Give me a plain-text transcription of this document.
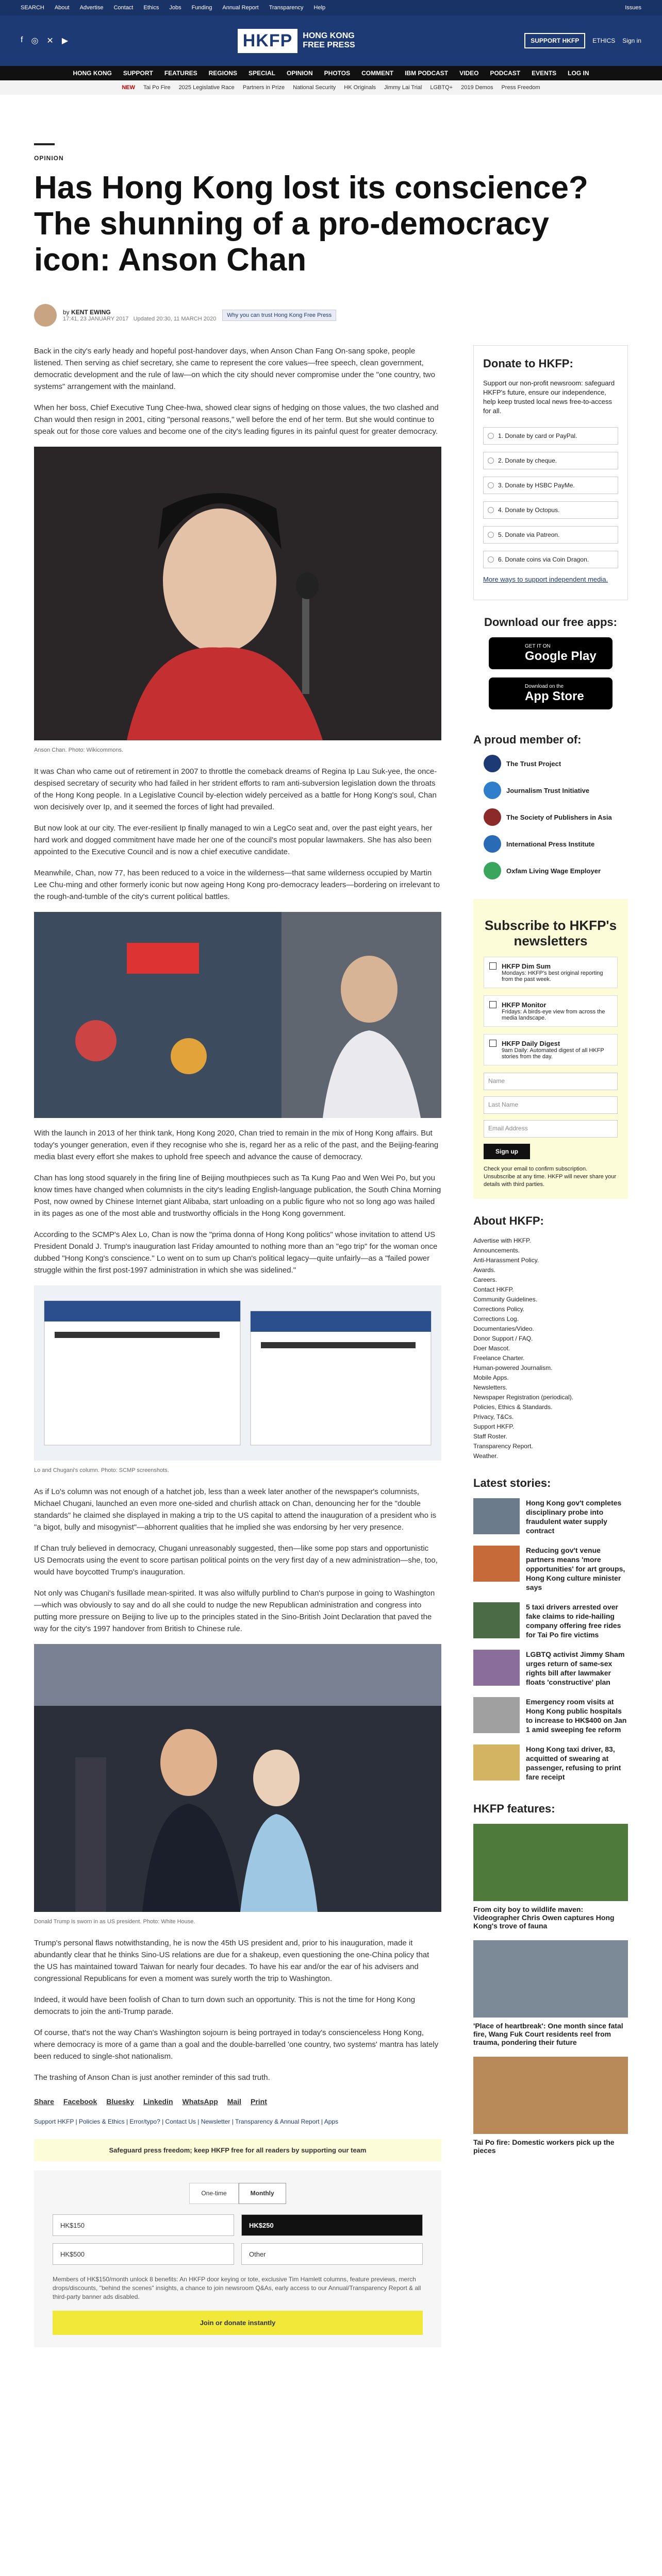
SEARCH About Advertise Contact Ethics Jobs Funding Annual Report Transparency Help	Issues
f ◎ ✕ ▶	HKFP	HONG KONG
FREE PRESS	SUPPORT HKFP	ETHICS Sign in
HONG KONG SUPPORT FEATURES REGIONS SPECIAL OPINION PHOTOS COMMENT IBM PODCAST VIDEO PODCAST EVENTS LOG IN
NEW Tai Po Fire 2025 Legislative Race Partners in Prize National Security HK Originals Jimmy Lai Trial LGBTQ+ 2019 Demos Press Freedom
OPINION
Has Hong Kong lost its conscience? The shunning of a pro-democracy icon: Anson Chan
by KENT EWING
17:41, 23 JANUARY 2017 Updated 20:30, 11 MARCH 2020
Why you can trust Hong Kong Free Press

Back in the city's early heady and hopeful post-handover days, when Anson Chan Fang On-sang spoke, people listened. Then serving as chief secretary, she came to represent the core values—free speech, clean government, democratic development and the rule of law—on which the city should never compromise under the "one country, two systems" arrangement with the mainland.

When her boss, Chief Executive Tung Chee-hwa, showed clear signs of hedging on those values, the two clashed and Chan would then resign in 2001, citing "personal reasons," well before the end of her term. But she would continue to speak out for those core values and become one of the city's leading figures in its painful quest for greater democracy.

Anson Chan. Photo: Wikicommons.

It was Chan who came out of retirement in 2007 to throttle the comeback dreams of Regina Ip Lau Suk-yee, the once-despised secretary of security who had failed in her strident efforts to ram anti-subversion legislation down the throats of the Hong Kong people. In a Legislative Council by-election widely perceived as a battle for Hong Kong's soul, Chan won decisively over Ip, and it seemed the forces of light had prevailed.

But now look at our city. The ever-resilient Ip finally managed to win a LegCo seat and, over the past eight years, her hard work and dogged commitment have made her one of the council's most popular lawmakers. She has also been appointed to the Executive Council and is now a chief executive candidate.

Meanwhile, Chan, now 77, has been reduced to a voice in the wilderness—that same wilderness occupied by Martin Lee Chu-ming and other formerly iconic but now ageing Hong Kong pro-democracy leaders—bordering on irrelevant to the rough-and-tumble of the city's current political battles.

With the launch in 2013 of her think tank, Hong Kong 2020, Chan tried to remain in the mix of Hong Kong affairs. But today's younger generation, even if they recognise who she is, regard her as a relic of the past, and the Beijing-fearing media blast every effort she makes to uphold free speech and advance the cause of democracy.

Chan has long stood squarely in the firing line of Beijing mouthpieces such as Ta Kung Pao and Wen Wei Po, but you know times have changed when columnists in the city's leading English-language publication, the South China Morning Post, now owned by Chinese Internet giant Alibaba, start unloading on a public figure who not so long ago was hailed in its pages as one of the most able and trustworthy officials in the Hong Kong government.

According to the SCMP's Alex Lo, Chan is now the "prima donna of Hong Kong politics" whose invitation to attend US President Donald J. Trump's inauguration last Friday amounted to nothing more than an "ego trip" for the woman once dubbed "Hong Kong's conscience." Lo went on to sum up Chan's political legacy—quite unfairly—as a "failed power struggle within the first post-1997 administration in which she was sidelined."

Lo and Chugani's column. Photo: SCMP screenshots.

As if Lo's column was not enough of a hatchet job, less than a week later another of the newspaper's columnists, Michael Chugani, launched an even more one-sided and churlish attack on Chan, denouncing her for the "double standards" he claimed she displayed in making a trip to the US capital to attend the inauguration of a president who is "a bigot, bully and misogynist"—abhorrent qualities that he implied she was endorsing by her very presence.

If Chan truly believed in democracy, Chugani unreasonably suggested, then—like some pop stars and opportunistic US Democrats using the event to score partisan political points on the very first day of a new administration—she, too, would have boycotted Trump's inauguration.

Not only was Chugani's fusillade mean-spirited. It was also wilfully purblind to Chan's purpose in going to Washington—which was obviously to say and do all she could to nudge the new Republican administration and congress into putting more pressure on Beijing to live up to the principles stated in the Sino-British Joint Declaration that paved the way for the city's 1997 handover from British to Chinese rule.

Donald Trump is sworn in as US president. Photo: White House.

Trump's personal flaws notwithstanding, he is now the 45th US president and, prior to his inauguration, made it abundantly clear that he thinks Sino-US relations are due for a shakeup, even questioning the one-China policy that the US has maintained toward Taiwan for nearly four decades. To have his ear and/or the ear of his advisers and congressional Republicans for even a moment was surely worth the trip to Washington.

Indeed, it would have been foolish of Chan to turn down such an opportunity. This is not the time for Hong Kong democrats to join the anti-Trump parade.

Of course, that's not the way Chan's Washington sojourn is being portrayed in today's conscienceless Hong Kong, where democracy is more of a game than a goal and the double-barrelled 'one country, two systems' mantra has lately been reduced to single-shot nationalism.

The trashing of Anson Chan is just another reminder of this sad truth.

Share Facebook Bluesky Linkedin WhatsApp Mail Print
Support HKFP | Policies & Ethics | Error/typo? | Contact Us | Newsletter | Transparency & Annual Report | Apps
Safeguard press freedom; keep HKFP free for all readers by supporting our team
One-time	Monthly
HK$150	HK$250
HK$500	Other

Members of HK$150/month unlock 8 benefits: An HKFP door keying or tote, exclusive Tim Hamlett columns, feature previews, merch drops/discounts, "behind the scenes" insights, a chance to join newsroom Q&As, early access to our Annual/Transparency Report & all third-party banner ads disabled.

Join or donate instantly
Donate to HKFP:

Support our non-profit newsroom: safeguard HKFP's future, ensure our independence, help keep trusted local news free-to-access for all.

1. Donate by card or PayPal.
2. Donate by cheque.
3. Donate by HSBC PayMe.
4. Donate by Octopus.
5. Donate via Patreon.
6. Donate coins via Coin Dragon.
More ways to support independent media.
Download our free apps:
GET IT ON
Google Play
Download on the
App Store
A proud member of:
The Trust Project
Journalism Trust Initiative
The Society of Publishers in Asia
International Press Institute
Oxfam Living Wage Employer
Subscribe to HKFP's newsletters
HKFP Dim Sum
Mondays: HKFP's best original reporting from the past week.
HKFP Monitor
Fridays: A birds-eye view from across the media landscape.
HKFP Daily Digest
9am Daily: Automated digest of all HKFP stories from the day.
Name
Last Name
Email Address
Sign up

Check your email to confirm subscription. Unsubscribe at any time. HKFP will never share your details with third parties.

About HKFP:
Advertise with HKFP.
Announcements.
Anti-Harassment Policy.
Awards.
Careers.
Contact HKFP.
Community Guidelines.
Corrections Policy.
Corrections Log.
Documentaries/Video.
Donor Support / FAQ.
Doer Mascot.
Freelance Charter.
Human-powered Journalism.
Mobile Apps.
Newsletters.
Newspaper Registration (periodical).
Policies, Ethics & Standards.
Privacy, T&Cs.
Support HKFP.
Staff Roster.
Transparency Report.
Weather.
Latest stories:
Hong Kong gov't completes disciplinary probe into fraudulent water supply contract
Reducing gov't venue partners means 'more opportunities' for art groups, Hong Kong culture minister says
5 taxi drivers arrested over fake claims to ride-hailing company offering free rides for Tai Po fire victims
LGBTQ activist Jimmy Sham urges return of same-sex rights bill after lawmaker floats 'constructive' plan
Emergency room visits at Hong Kong public hospitals to increase to HK$400 on Jan 1 amid sweeping fee reform
Hong Kong taxi driver, 83, acquitted of swearing at passenger, refusing to print fare receipt
HKFP features:
From city boy to wildlife maven: Videographer Chris Owen captures Hong Kong's trove of fauna
'Place of heartbreak': One month since fatal fire, Wang Fuk Court residents reel from trauma, pondering their future
Tai Po fire: Domestic workers pick up the pieces
